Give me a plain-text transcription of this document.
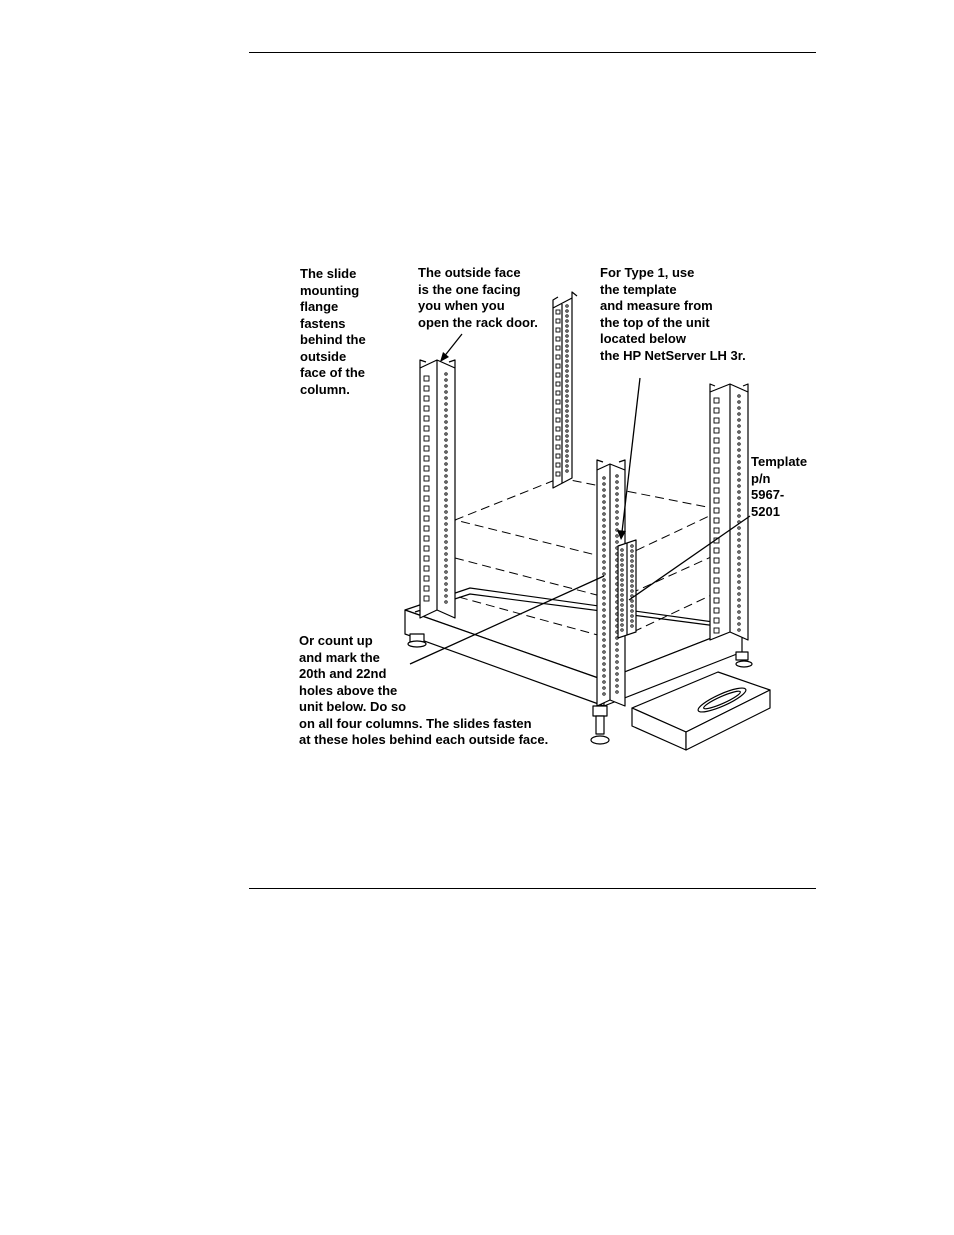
The slide
mounting
flange
fastens
behind the
outside
face of the
column.
The outside face
is the one facing
you when you
open the rack door.
For Type 1, use
the template
and measure from
the top of the unit
located below
the HP NetServer LH 3r.
Template
p/n
5967-
5201
Or count up
and mark the
20th and 22nd
holes above the
unit below. Do so
on all four columns. The slides fasten
at these holes behind each outside face.
